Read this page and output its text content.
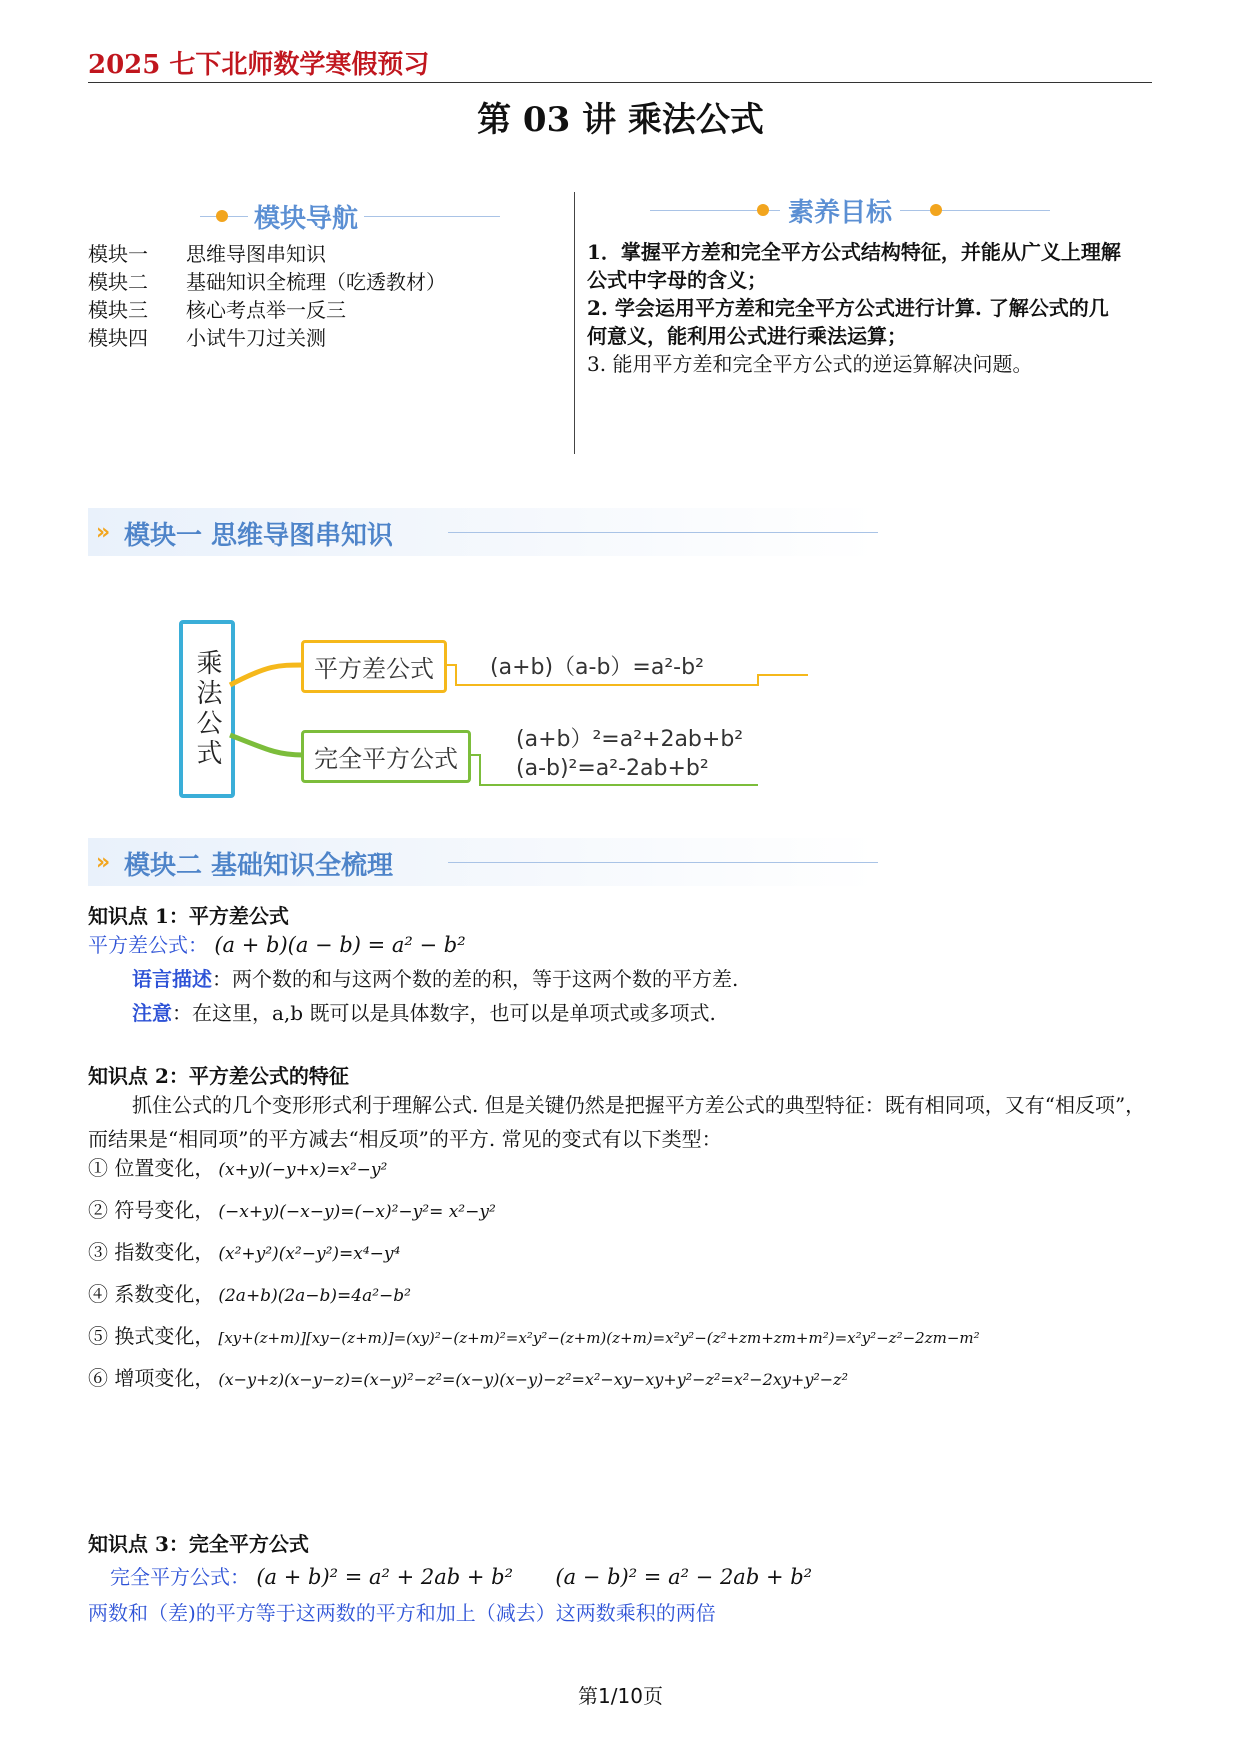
2025 七下北师数学寒假预习
第 03 讲 乘法公式
模块导航
模块一 思维导图串知识
模块二 基础知识全梳理（吃透教材）
模块三 核心考点举一反三
模块四 小试牛刀过关测
素养目标

1．掌握平方差和完全平方公式结构特征，并能从广义上理解公式中字母的含义；

2. 学会运用平方差和完全平方公式进行计算. 了解公式的几何意义，能利用公式进行乘法运算；

3. 能用平方差和完全平方公式的逆运算解决问题。

» 模块一 思维导图串知识
乘法公式	平方差公式	(a+b)（a-b）=a²-b²
完全平方公式
(a+b）²=a²+2ab+b²
(a-b)²=a²-2ab+b²
» 模块二 基础知识全梳理
知识点 1：平方差公式
平方差公式： (a + b)(a − b) = a² − b²
语言描述：两个数的和与这两个数的差的积，等于这两个数的平方差.
注意：在这里，a,b 既可以是具体数字，也可以是单项式或多项式.
知识点 2：平方差公式的特征
抓住公式的几个变形形式利于理解公式. 但是关键仍然是把握平方差公式的典型特征：既有相同项，又有“相反项”，而结果是“相同项”的平方减去“相反项”的平方. 常见的变式有以下类型：
① 位置变化， (x+y)(−y+x)=x²−y²
② 符号变化， (−x+y)(−x−y)=(−x)²−y²= x²−y²
③ 指数变化， (x²+y²)(x²−y²)=x⁴−y⁴
④ 系数变化， (2a+b)(2a−b)=4a²−b²
⑤ 换式变化， [xy+(z+m)][xy−(z+m)]=(xy)²−(z+m)²=x²y²−(z+m)(z+m)=x²y²−(z²+zm+zm+m²)=x²y²−z²−2zm−m²
⑥ 增项变化， (x−y+z)(x−y−z)=(x−y)²−z²=(x−y)(x−y)−z²=x²−xy−xy+y²−z²=x²−2xy+y²−z²
知识点 3：完全平方公式
完全平方公式： (a + b)² = a² + 2ab + b² (a − b)² = a² − 2ab + b²
两数和（差)的平方等于这两数的平方和加上（减去）这两数乘积的两倍
第1/10页
